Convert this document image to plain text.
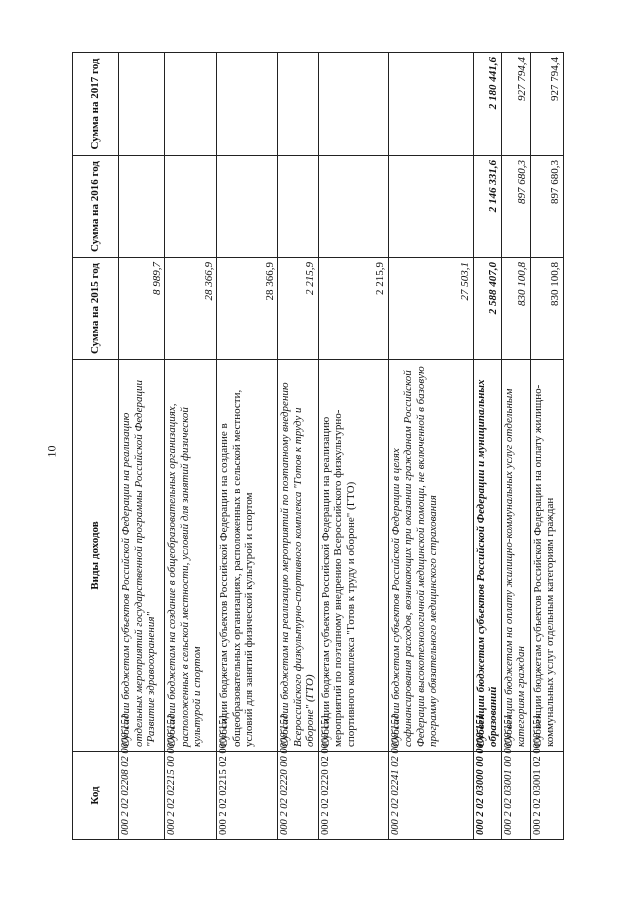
10
Код	Виды доходов	Сумма на 2015 год	Сумма на 2016 год	Сумма на 2017 год
000 2 02 02208 02 0000 151	Субсидии бюджетам субъектов Российской Федерации на реализацию отдельных мероприятий государственной программы Российской Федерации "Развитие здравоохранения"	8 989,7		
000 2 02 02215 00 0000 151	Субсидии бюджетам на создание в общеобразовательных организациях, расположенных в сельской местности, условий для занятий физической культурой и спортом	28 366,9		
000 2 02 02215 02 0000 151	Субсидии бюджетам субъектов Российской Федерации на создание в общеобразовательных организациях, расположенных в сельской местности, условий для занятий физической культурой и спортом	28 366,9		
000 2 02 02220 00 0000 151	Субсидии бюджетам на реализацию мероприятий по поэтапному внедрению Всероссийского физкультурно-спортивного комплекса "Готов к труду и обороне" (ГТО)	2 215,9		
000 2 02 02220 02 0000 151	Субсидии бюджетам субъектов Российской Федерации на реализацию мероприятий по поэтапному внедрению Всероссийского физкультурно-спортивного комплекса "Готов к труду и обороне" (ГТО)	2 215,9		
000 2 02 02241 02 0000 151	Субсидии бюджетам субъектов Российской Федерации в целях софинансирования расходов, возникающих при оказании гражданам Российской Федерации высокотехнологичной медицинской помощи, не включенной в базовую программу обязательного медицинского страхования	27 503,1		
000 2 02 03000 00 0000 151	Субвенции бюджетам субъектов Российской Федерации и муниципальных образований	2 588 407,0	2 146 331,6	2 180 441,6
000 2 02 03001 00 0000 151	Субвенции бюджетам на оплату жилищно-коммунальных услуг отдельным категориям граждан	830 100,8	897 680,3	927 794,4
000 2 02 03001 02 0000 151	Субвенции бюджетам субъектов Российской Федерации на оплату жилищно-коммунальных услуг отдельным категориям граждан	830 100,8	897 680,3	927 794,4
